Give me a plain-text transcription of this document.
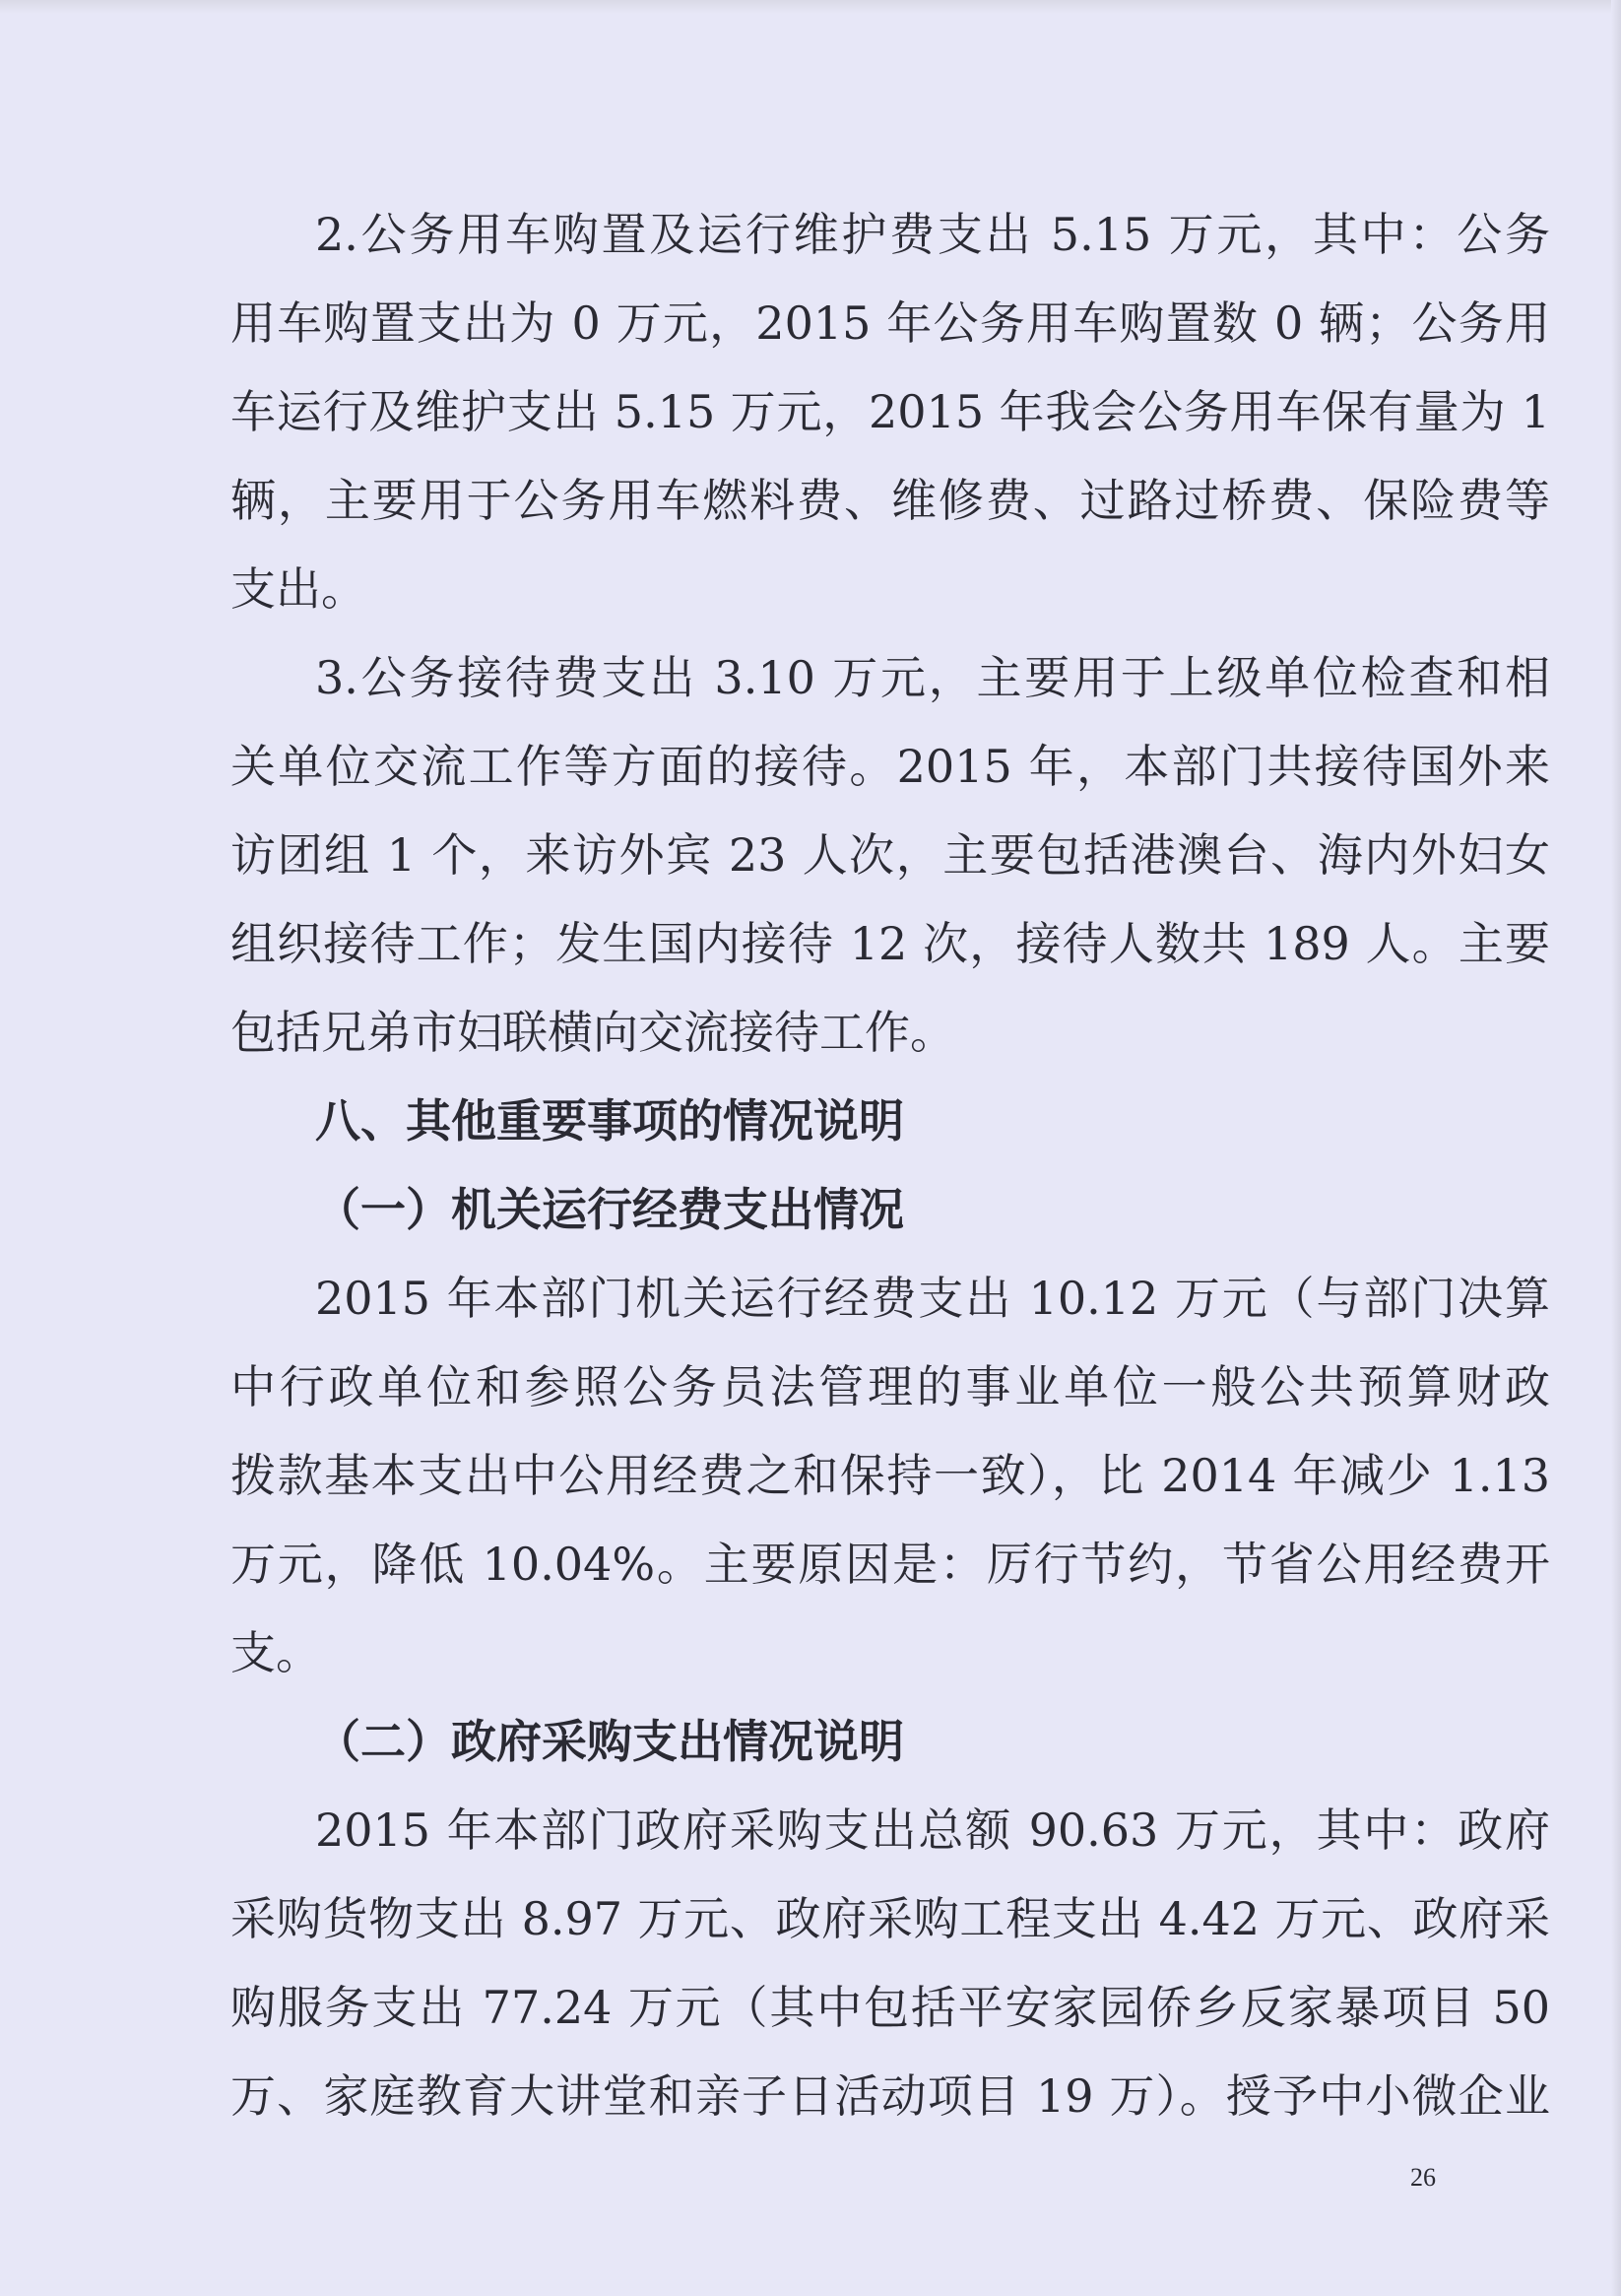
2.公务用车购置及运行维护费支出 5.15 万元，其中：公务
用车购置支出为 0 万元，2015 年公务用车购置数 0 辆；公务用
车运行及维护支出 5.15 万元，2015 年我会公务用车保有量为 1
辆，主要用于公务用车燃料费、维修费、过路过桥费、保险费等
支出。
3.公务接待费支出 3.10 万元，主要用于上级单位检查和相
关单位交流工作等方面的接待。2015 年，本部门共接待国外来
访团组 1 个，来访外宾 23 人次，主要包括港澳台、海内外妇女
组织接待工作；发生国内接待 12 次，接待人数共 189 人。主要
包括兄弟市妇联横向交流接待工作。
八、其他重要事项的情况说明
（一）机关运行经费支出情况
2015 年本部门机关运行经费支出 10.12 万元（与部门决算
中行政单位和参照公务员法管理的事业单位一般公共预算财政
拨款基本支出中公用经费之和保持一致），比 2014 年减少 1.13
万元，降低 10.04%。主要原因是：厉行节约，节省公用经费开
支。
（二）政府采购支出情况说明
2015 年本部门政府采购支出总额 90.63 万元，其中：政府
采购货物支出 8.97 万元、政府采购工程支出 4.42 万元、政府采
购服务支出 77.24 万元（其中包括平安家园侨乡反家暴项目 50
万、家庭教育大讲堂和亲子日活动项目 19 万）。授予中小微企业
26
